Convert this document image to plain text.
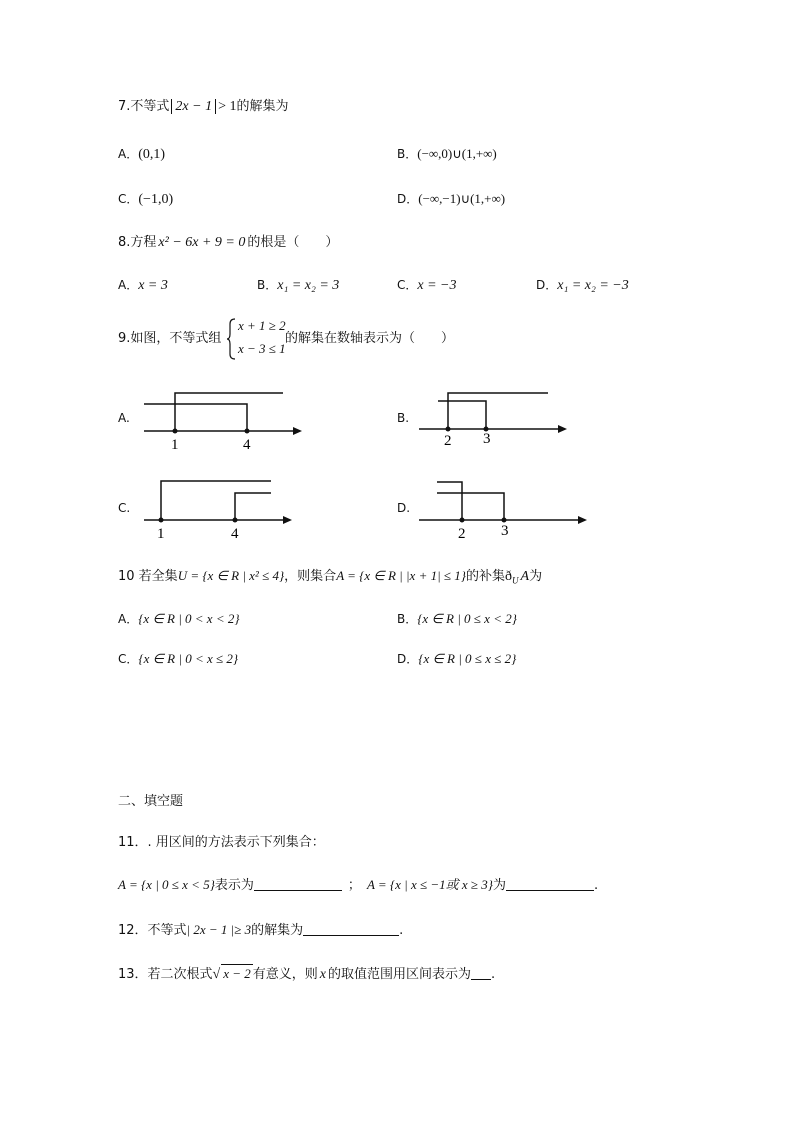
7.不等式 2x − 1 > 1的解集为
A．(0,1)	B．(−∞,0)∪(1,+∞)
C．(−1,0)	D．(−∞,−1)∪(1,+∞)
8.方程 x² − 6x + 9 = 0 的根是（　　）
A．x = 3	B．x₁ = x₂ = 3	C．x = −3	D．x₁ = x₂ = −3
9.如图，不等式组
x + 1 ≥ 2
x − 3 ≤ 1
的解集在数轴表示为（　　）
A.
1	4
B.
2 3
C.
1	4
D.
2 3
10 若全集U = {x ∈ R | x² ≤ 4}，则集合A = {x ∈ R | |x + 1| ≤ 1}的补集$ð_U$ A为
A．{x ∈ R | 0 < x < 2}	B．{x ∈ R | 0 ≤ x < 2}
C．{x ∈ R | 0 < x ≤ 2}	D．{x ∈ R | 0 ≤ x ≤ 2}
二、填空题
11．. 用区间的方法表示下列集合：
A = {x | 0 ≤ x < 5}表示为	； A = {x | x ≤ −1或 x ≥ 3}为	.
12．不等式| 2x − 1 |≥ 3的解集为	.
13．若二次根式√ x − 2 有意义，则 x 的取值范围用区间表示为 .
